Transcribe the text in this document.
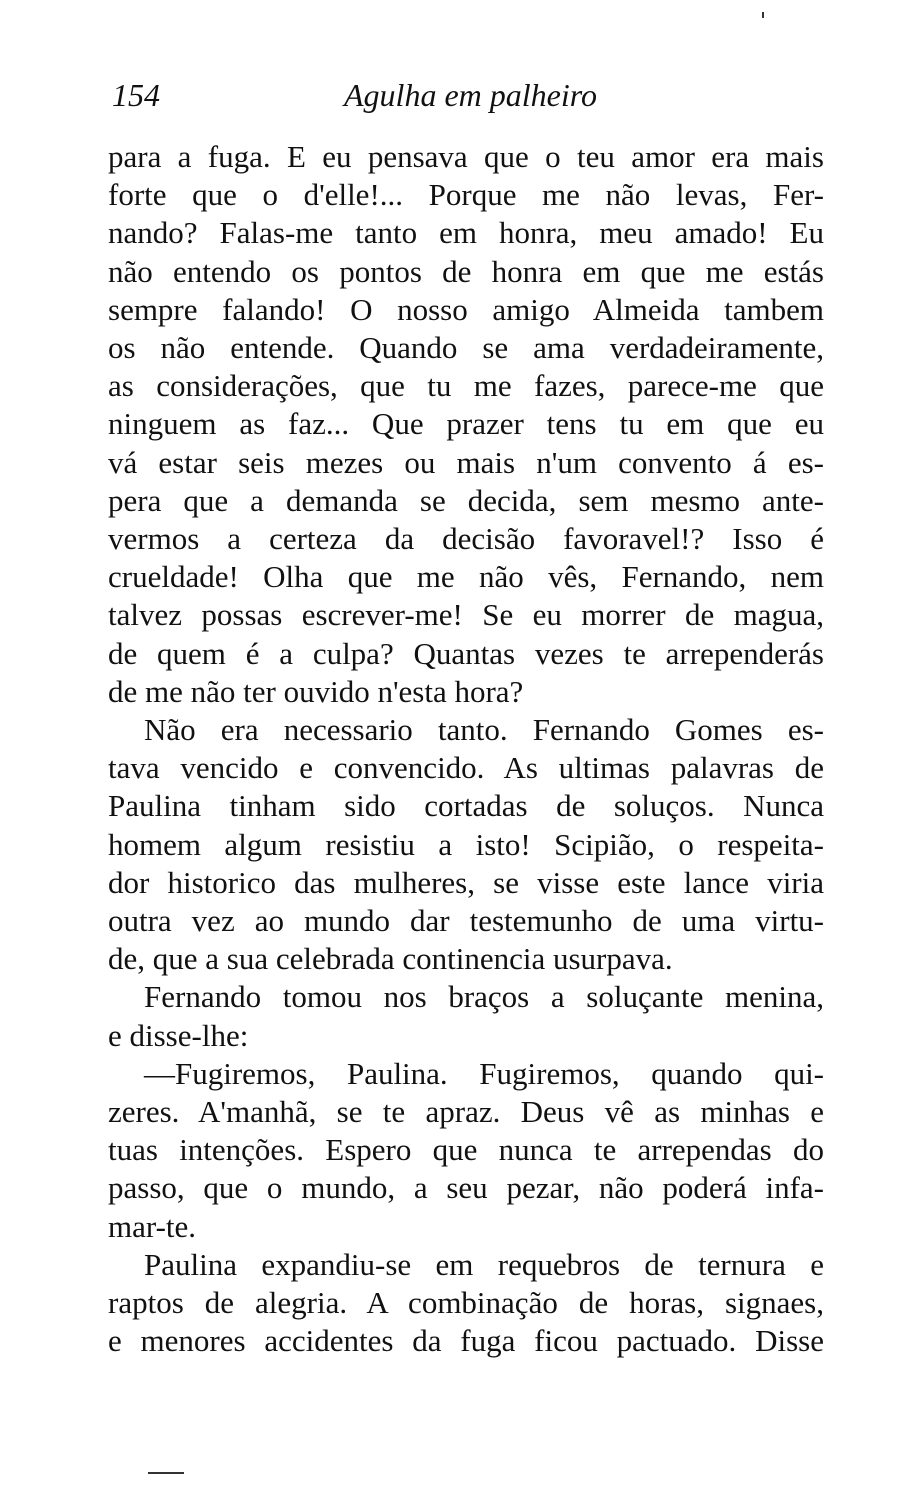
154	Agulha em palheiro
para a fuga. E eu pensava que o teu amor era mais
forte que o d'elle!... Porque me não levas, Fer-
nando? Falas-me tanto em honra, meu amado! Eu
não entendo os pontos de honra em que me estás
sempre falando! O nosso amigo Almeida tambem
os não entende. Quando se ama verdadeiramente,
as considerações, que tu me fazes, parece-me que
ninguem as faz... Que prazer tens tu em que eu
vá estar seis mezes ou mais n'um convento á es-
pera que a demanda se decida, sem mesmo ante-
vermos a certeza da decisão favoravel!? Isso é
crueldade! Olha que me não vês, Fernando, nem
talvez possas escrever-me! Se eu morrer de magua,
de quem é a culpa? Quantas vezes te arrependerás
de me não ter ouvido n'esta hora?
Não era necessario tanto. Fernando Gomes es-
tava vencido e convencido. As ultimas palavras de
Paulina tinham sido cortadas de soluços. Nunca
homem algum resistiu a isto! Scipião, o respeita-
dor historico das mulheres, se visse este lance viria
outra vez ao mundo dar testemunho de uma virtu-
de, que a sua celebrada continencia usurpava.
Fernando tomou nos braços a soluçante menina,
e disse-lhe:
—Fugiremos, Paulina. Fugiremos, quando qui-
zeres. A'manhã, se te apraz. Deus vê as minhas e
tuas intenções. Espero que nunca te arrependas do
passo, que o mundo, a seu pezar, não poderá infa-
mar-te.
Paulina expandiu-se em requebros de ternura e
raptos de alegria. A combinação de horas, signaes,
e menores accidentes da fuga ficou pactuado. Disse
